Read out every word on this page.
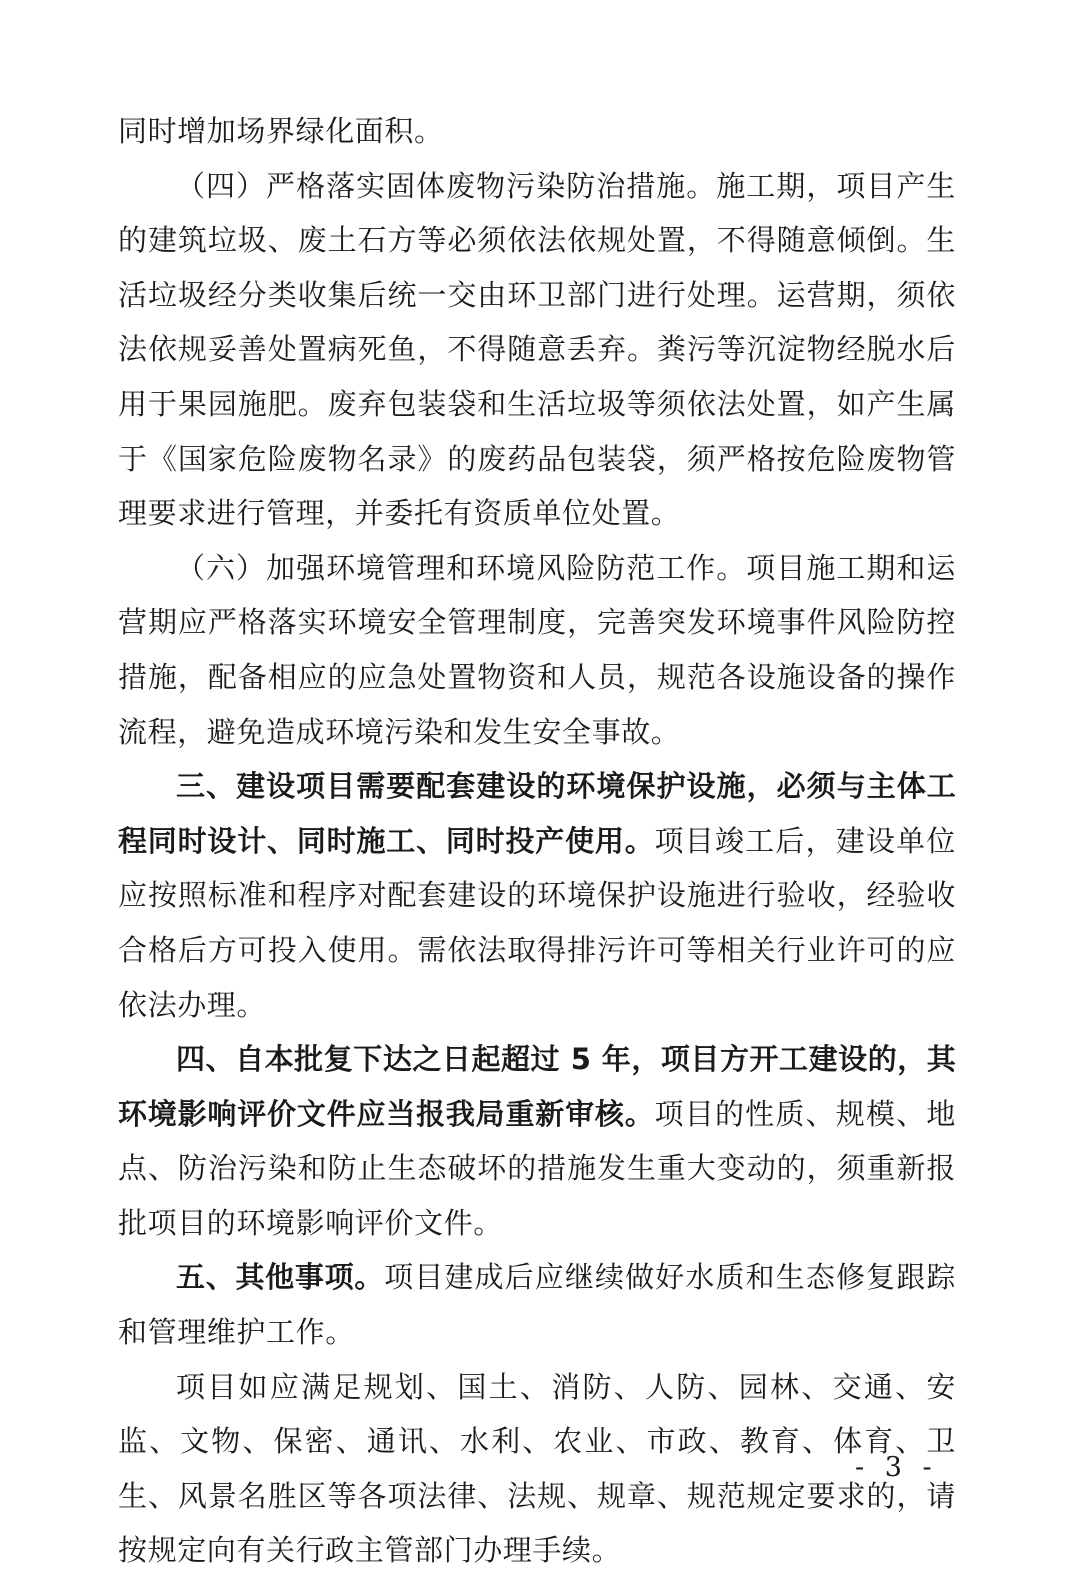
同时增加场界绿化面积。

（四）严格落实固体废物污染防治措施。施工期，项目产生的建筑垃圾、废土石方等必须依法依规处置，不得随意倾倒。生活垃圾经分类收集后统一交由环卫部门进行处理。运营期，须依法依规妥善处置病死鱼，不得随意丢弃。粪污等沉淀物经脱水后用于果园施肥。废弃包装袋和生活垃圾等须依法处置，如产生属于《国家危险废物名录》的废药品包装袋，须严格按危险废物管理要求进行管理，并委托有资质单位处置。

（六）加强环境管理和环境风险防范工作。项目施工期和运营期应严格落实环境安全管理制度，完善突发环境事件风险防控措施，配备相应的应急处置物资和人员，规范各设施设备的操作流程，避免造成环境污染和发生安全事故。

三、建设项目需要配套建设的环境保护设施，必须与主体工程同时设计、同时施工、同时投产使用。项目竣工后，建设单位应按照标准和程序对配套建设的环境保护设施进行验收，经验收合格后方可投入使用。需依法取得排污许可等相关行业许可的应依法办理。

四、自本批复下达之日起超过 5 年，项目方开工建设的，其环境影响评价文件应当报我局重新审核。项目的性质、规模、地点、防治污染和防止生态破坏的措施发生重大变动的，须重新报批项目的环境影响评价文件。

五、其他事项。项目建成后应继续做好水质和生态修复跟踪和管理维护工作。

项目如应满足规划、国土、消防、人防、园林、交通、安监、文物、保密、通讯、水利、农业、市政、教育、体育、卫生、风景名胜区等各项法律、法规、规章、规范规定要求的，请按规定向有关行政主管部门办理手续。

- 3 -
